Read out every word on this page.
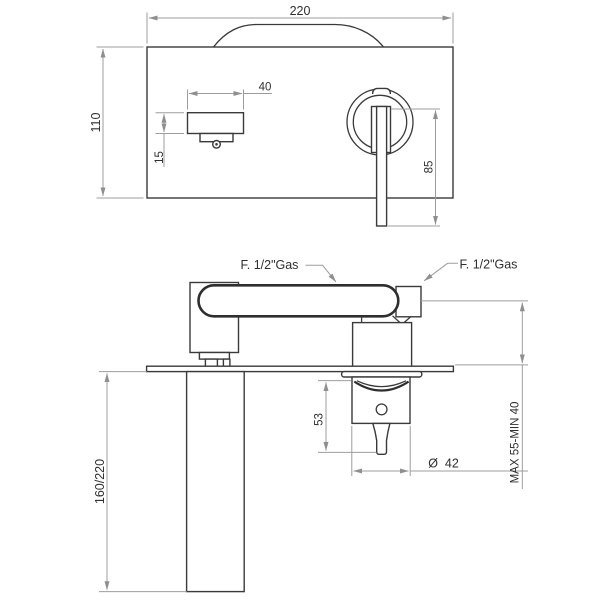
220
110
40
15
85
F. 1/2"Gas	F. 1/2"Gas
160/220
53
Ø  42	MAX 55-MIN 40
